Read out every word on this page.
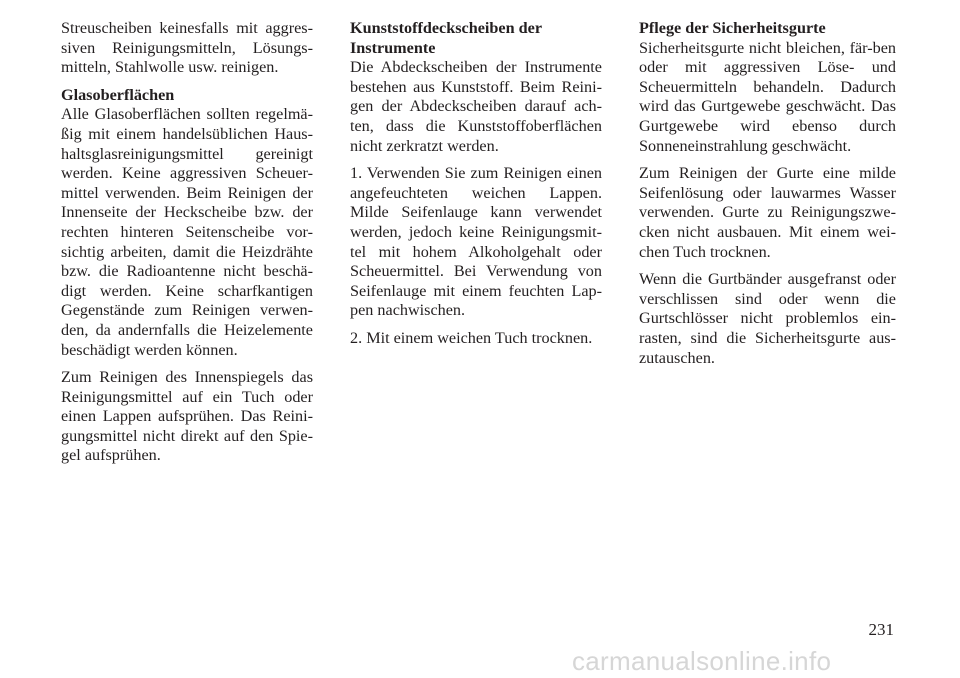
Streuscheiben keinesfalls mit aggres-siven Reinigungsmitteln, Lösungs-mitteln, Stahlwolle usw. reinigen.

Glasoberflächen
Alle Glasoberflächen sollten regelmä-ßig mit einem handelsüblichen Haus-haltsglasreinigungsmittel gereinigt werden. Keine aggressiven Scheuer-mittel verwenden. Beim Reinigen der Innenseite der Heckscheibe bzw. der rechten hinteren Seitenscheibe vor-sichtig arbeiten, damit die Heizdrähte bzw. die Radioantenne nicht beschä-digt werden. Keine scharfkantigen Gegenstände zum Reinigen verwen-den, da andernfalls die Heizelemente beschädigt werden können.

Zum Reinigen des Innenspiegels das Reinigungsmittel auf ein Tuch oder einen Lappen aufsprühen. Das Reini-gungsmittel nicht direkt auf den Spie-gel aufsprühen.

Kunststoffdeckscheiben der Instrumente
Die Abdeckscheiben der Instrumente bestehen aus Kunststoff. Beim Reini-gen der Abdeckscheiben darauf ach-ten, dass die Kunststoffoberflächen nicht zerkratzt werden.

1. Verwenden Sie zum Reinigen einen angefeuchteten weichen Lappen. Milde Seifenlauge kann verwendet werden, jedoch keine Reinigungsmit-tel mit hohem Alkoholgehalt oder Scheuermittel. Bei Verwendung von Seifenlauge mit einem feuchten Lap-pen nachwischen.

2. Mit einem weichen Tuch trocknen.

Pflege der Sicherheitsgurte
Sicherheitsgurte nicht bleichen, fär-ben oder mit aggressiven Löse- und Scheuermitteln behandeln. Dadurch wird das Gurtgewebe geschwächt. Das Gurtgewebe wird ebenso durch Sonneneinstrahlung geschwächt.

Zum Reinigen der Gurte eine milde Seifenlösung oder lauwarmes Wasser verwenden. Gurte zu Reinigungszwe-cken nicht ausbauen. Mit einem wei-chen Tuch trocknen.

Wenn die Gurtbänder ausgefranst oder verschlissen sind oder wenn die Gurtschlösser nicht problemlos ein-rasten, sind die Sicherheitsgurte aus-zutauschen.

231
carmanualsonline.info
